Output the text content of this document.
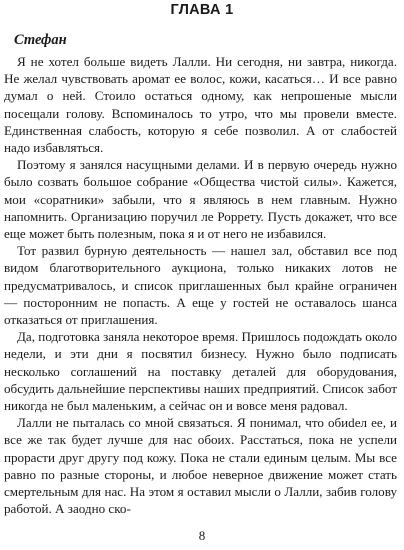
ГЛАВА 1
Стефан

Я не хотел больше видеть Лалли. Ни сегодня, ни завтра, никогда. Не желал чувствовать аромат ее волос, кожи, касаться… И все равно думал о ней. Стоило остаться одному, как непрошеные мысли посещали голову. Вспоминалось то утро, что мы провели вместе. Единственная слабость, которую я себе позволил. А от слабостей надо избавляться.

Поэтому я занялся насущными делами. И в первую очередь нужно было созвать большое собрание «Общества чистой силы». Кажется, мои «соратники» забыли, что я являюсь в нем главным. Нужно напомнить. Организацию поручил ле Роррету. Пусть докажет, что все еще может быть полезным, пока я и от него не избавился.

Тот развил бурную деятельность — нашел зал, обставил все под видом благотворительного аукциона, только никаких лотов не предусматривалось, и список приглашенных был крайне ограничен — посторонним не попасть. А еще у гостей не оставалось шанса отказаться от приглашения.

Да, подготовка заняла некоторое время. Пришлось подождать около недели, и эти дни я посвятил бизнесу. Нужно было подписать несколько соглашений на поставку деталей для оборудования, обсудить дальнейшие перспективы наших предприятий. Список забот никогда не был маленьким, а сейчас он и вовсе меня радовал.

Лалли не пыталась со мной связаться. Я понимал, что обиdел ее, и все же так будет лучше для нас обоих. Расстаться, пока не успели прорасти друг другу под кожу. Пока не стали единым целым. Мы все равно по разные стороны, и любое неверное движение может стать смертельным для нас. На этом я оставил мысли о Лалли, забив голову работой. А заодно ско-

8
